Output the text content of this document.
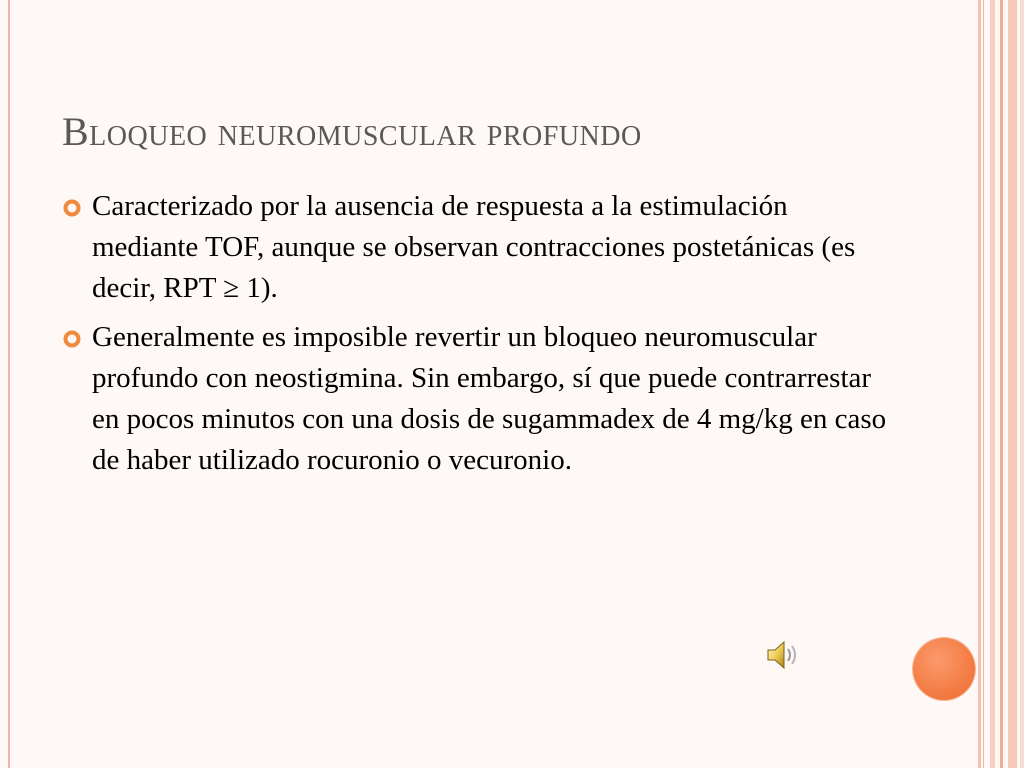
Bloqueo neuromuscular profundo
Caracterizado por la ausencia de respuesta a la estimulación mediante TOF, aunque se observan contracciones postetánicas (es decir, RPT ≥ 1).
Generalmente es imposible revertir un bloqueo neuromuscular profundo con neostigmina. Sin embargo, sí que puede contrarrestar en pocos minutos con una dosis de sugammadex de 4 mg/kg en caso de haber utilizado rocuronio o vecuronio.
